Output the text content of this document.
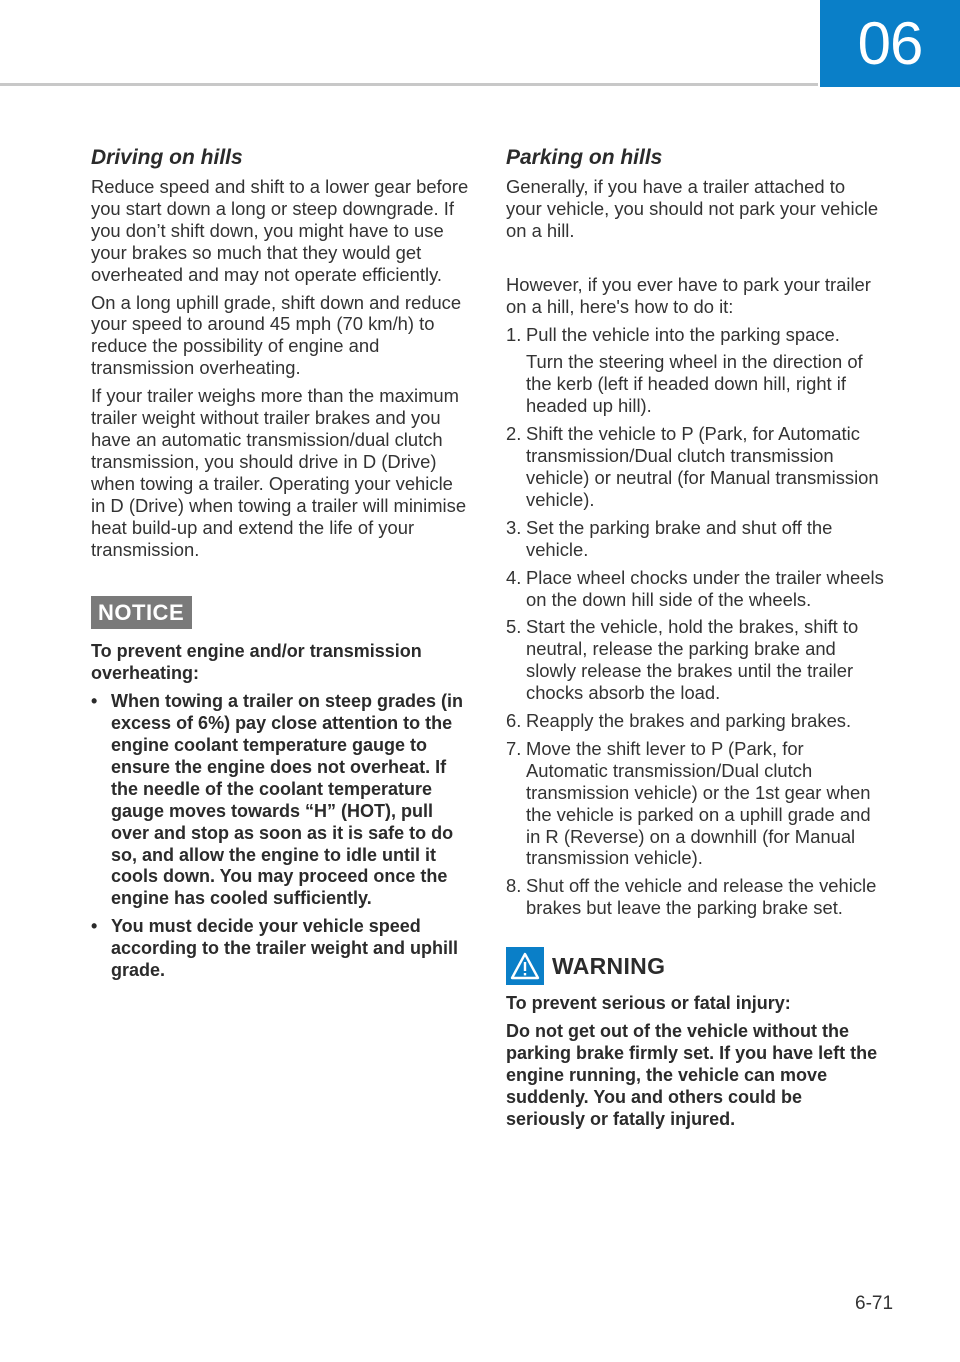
06
Driving on hills

Reduce speed and shift to a lower gear before you start down a long or steep downgrade. If you don’t shift down, you might have to use your brakes so much that they would get overheated and may not operate efficiently.

On a long uphill grade, shift down and reduce your speed to around 45 mph (70 km/h) to reduce the possibility of engine and transmission overheating.

If your trailer weighs more than the maximum trailer weight without trailer brakes and you have an automatic transmission/dual clutch transmission, you should drive in D (Drive) when towing a trailer. Operating your vehicle in D (Drive) when towing a trailer will minimise heat build-up and extend the life of your transmission.

NOTICE

To prevent engine and/or transmission overheating:

• When towing a trailer on steep grades (in excess of 6%) pay close attention to the engine coolant temperature gauge to ensure the engine does not overheat. If the needle of the coolant temperature gauge moves towards “H” (HOT), pull over and stop as soon as it is safe to do so, and allow the engine to idle until it cools down. You may proceed once the engine has cooled sufficiently.
• You must decide your vehicle speed according to the trailer weight and uphill grade.
Parking on hills

Generally, if you have a trailer attached to your vehicle, you should not park your vehicle on a hill.

However, if you ever have to park your trailer on a hill, here's how to do it:

1. Pull the vehicle into the parking space.
Turn the steering wheel in the direction of the kerb (left if headed down hill, right if headed up hill).
2. Shift the vehicle to P (Park, for Automatic transmission/Dual clutch transmission vehicle) or neutral (for Manual transmission vehicle).
3. Set the parking brake and shut off the vehicle.
4. Place wheel chocks under the trailer wheels on the down hill side of the wheels.
5. Start the vehicle, hold the brakes, shift to neutral, release the parking brake and slowly release the brakes until the trailer chocks absorb the load.
6. Reapply the brakes and parking brakes.
7. Move the shift lever to P (Park, for Automatic transmission/Dual clutch transmission vehicle) or the 1st gear when the vehicle is parked on a uphill grade and in R (Reverse) on a downhill (for Manual transmission vehicle).
8. Shut off the vehicle and release the vehicle brakes but leave the parking brake set.
WARNING

To prevent serious or fatal injury:

Do not get out of the vehicle without the parking brake firmly set. If you have left the engine running, the vehicle can move suddenly. You and others could be seriously or fatally injured.

6-71
